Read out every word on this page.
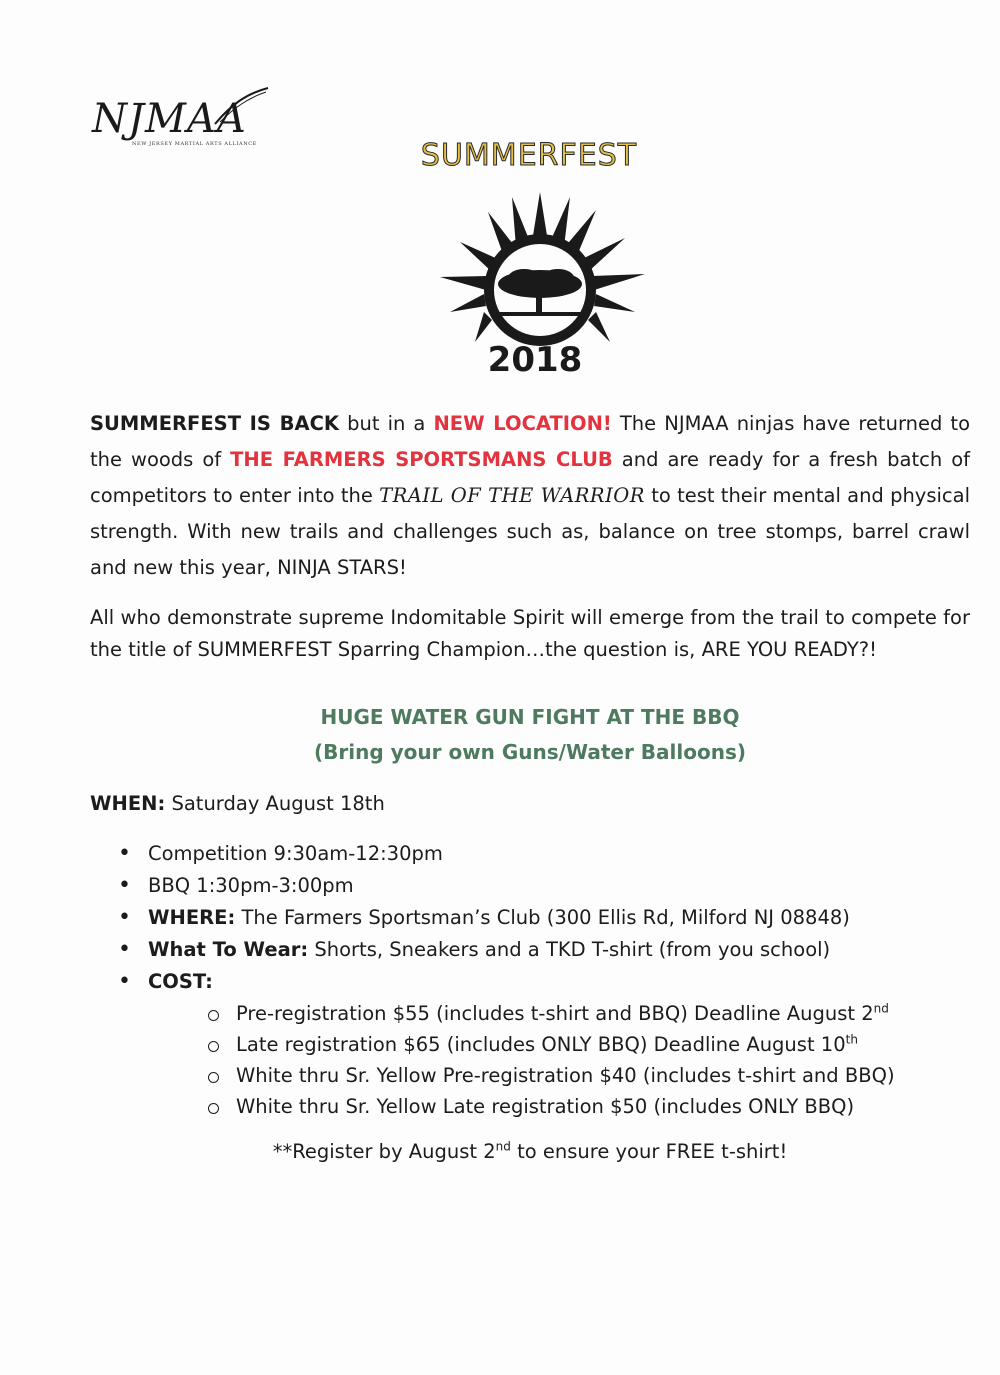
NJMAA
NEW JERSEY MARTIAL ARTS ALLIANCE	SUMMERFEST
2018

SUMMERFEST IS BACK but in a NEW LOCATION! The NJMAA ninjas have returned to the woods of THE FARMERS SPORTSMANS CLUB and are ready for a fresh batch of competitors to enter into the TRAIL OF THE WARRIOR to test their mental and physical strength. With new trails and challenges such as, balance on tree stomps, barrel crawl and new this year, NINJA STARS!

All who demonstrate supreme Indomitable Spirit will emerge from the trail to compete for the title of SUMMERFEST Sparring Champion…the question is, ARE YOU READY?!

HUGE WATER GUN FIGHT AT THE BBQ
(Bring your own Guns/Water Balloons)
WHEN: Saturday August 18th
• Competition 9:30am-12:30pm
• BBQ 1:30pm-3:00pm
• WHERE: The Farmers Sportsman’s Club (300 Ellis Rd, Milford NJ 08848)
• What To Wear: Shorts, Sneakers and a TKD T-shirt (from you school)
• COST:
Pre-registration $55 (includes t-shirt and BBQ) Deadline August 2nd
Late registration $65 (includes ONLY BBQ) Deadline August 10th
White thru Sr. Yellow Pre-registration $40 (includes t-shirt and BBQ)
White thru Sr. Yellow Late registration $50 (includes ONLY BBQ)
**Register by August 2nd to ensure your FREE t-shirt!
